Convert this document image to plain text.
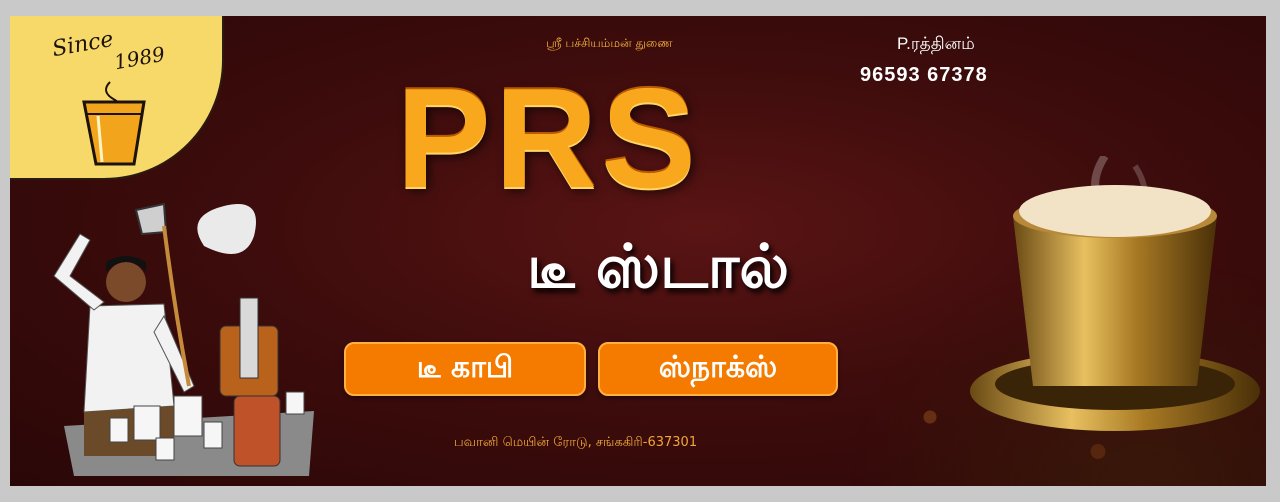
Since
1989	ஸ்ரீ பச்சியம்மன் துணை	P.ரத்தினம்
96593 67378
PRS
டீ ஸ்டால்
டீ காபி	ஸ்நாக்ஸ்
பவானி மெயின் ரோடு, சங்ககிரி-637301
